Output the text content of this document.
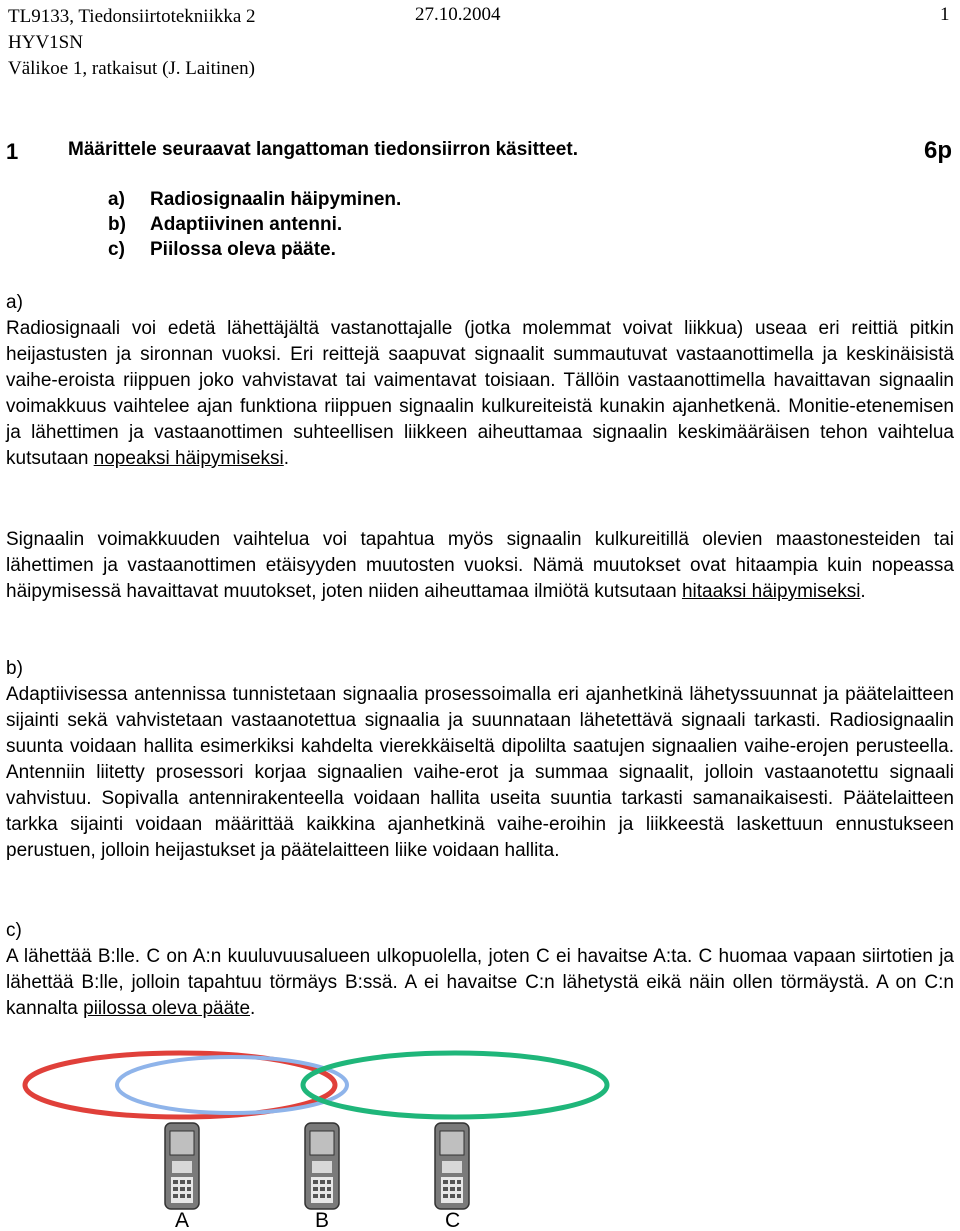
TL9133, Tiedonsiirtotekniikka 2
HYV1SN
Välikoe 1, ratkaisut (J. Laitinen)
27.10.2004	1
1	Määrittele seuraavat langattoman tiedonsiirron käsitteet.	6p
a)	Radiosignaalin häipyminen.
b)	Adaptiivinen antenni.
c)	Piilossa oleva pääte.

a)

Radiosignaali voi edetä lähettäjältä vastanottajalle (jotka molemmat voivat liikkua) useaa eri reittiä pitkin heijastusten ja sironnan vuoksi. Eri reittejä saapuvat signaalit summautuvat vastaanottimella ja keskinäisistä vaihe-eroista riippuen joko vahvistavat tai vaimentavat toisiaan. Tällöin vastaanottimella havaittavan signaalin voimakkuus vaihtelee ajan funktiona riippuen signaalin kulkureiteistä kunakin ajanhetkenä. Monitie-etenemisen ja lähettimen ja vastaanottimen suhteellisen liikkeen aiheuttamaa signaalin keskimääräisen tehon vaihtelua kutsutaan nopeaksi häipymiseksi.

Signaalin voimakkuuden vaihtelua voi tapahtua myös signaalin kulkureitillä olevien maastonesteiden tai lähettimen ja vastaanottimen etäisyyden muutosten vuoksi. Nämä muutokset ovat hitaampia kuin nopeassa häipymisessä havaittavat muutokset, joten niiden aiheuttamaa ilmiötä kutsutaan hitaaksi häipymiseksi.

b)

Adaptiivisessa antennissa tunnistetaan signaalia prosessoimalla eri ajanhetkinä lähetyssuunnat ja päätelaitteen sijainti sekä vahvistetaan vastaanotettua signaalia ja suunnataan lähetettävä signaali tarkasti. Radiosignaalin suunta voidaan hallita esimerkiksi kahdelta vierekkäiseltä dipolilta saatujen signaalien vaihe-erojen perusteella. Antenniin liitetty prosessori korjaa signaalien vaihe-erot ja summaa signaalit, jolloin vastaanotettu signaali vahvistuu. Sopivalla antennirakenteella voidaan hallita useita suuntia tarkasti samanaikaisesti. Päätelaitteen tarkka sijainti voidaan määrittää kaikkina ajanhetkinä vaihe-eroihin ja liikkeestä laskettuun ennustukseen perustuen, jolloin heijastukset ja päätelaitteen liike voidaan hallita.

c)

A lähettää B:lle. C on A:n kuuluvuusalueen ulkopuolella, joten C ei havaitse A:ta. C huomaa vapaan siirtotien ja lähettää B:lle, jolloin tapahtuu törmäys B:ssä. A ei havaitse C:n lähetystä eikä näin ollen törmäystä. A on C:n kannalta piilossa oleva pääte.

A	B	C
